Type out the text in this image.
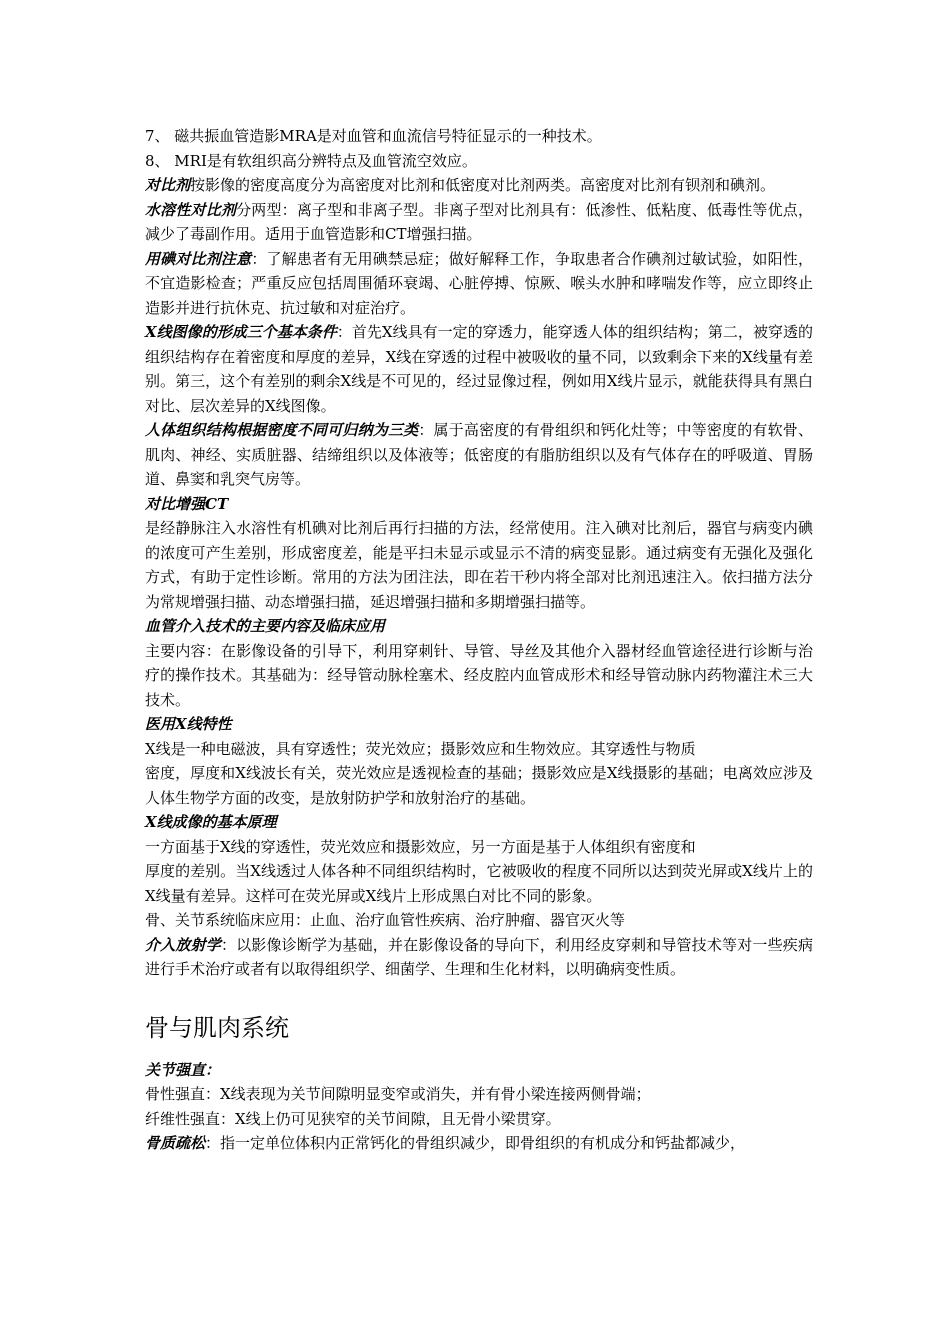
7、 磁共振血管造影MRA是对血管和血流信号特征显示的一种技术。

8、 MRI是有软组织高分辨特点及血管流空效应。

对比剂按影像的密度高度分为高密度对比剂和低密度对比剂两类。高密度对比剂有钡剂和碘剂。

水溶性对比剂分两型：离子型和非离子型。非离子型对比剂具有：低渗性、低粘度、低毒性等优点，减少了毒副作用。适用于血管造影和CT增强扫描。

用碘对比剂注意：了解患者有无用碘禁忌症；做好解释工作，争取患者合作碘剂过敏试验，如阳性，不宜造影检查；严重反应包括周围循环衰竭、心脏停搏、惊厥、喉头水肿和哮喘发作等，应立即终止造影并进行抗休克、抗过敏和对症治疗。

X线图像的形成三个基本条件：首先X线具有一定的穿透力，能穿透人体的组织结构；第二，被穿透的组织结构存在着密度和厚度的差异，X线在穿透的过程中被吸收的量不同，以致剩余下来的X线量有差别。第三，这个有差别的剩余X线是不可见的，经过显像过程，例如用X线片显示，就能获得具有黑白对比、层次差异的X线图像。

人体组织结构根据密度不同可归纳为三类：属于高密度的有骨组织和钙化灶等；中等密度的有软骨、肌肉、神经、实质脏器、结缔组织以及体液等；低密度的有脂肪组织以及有气体存在的呼吸道、胃肠道、鼻窦和乳突气房等。

对比增强CT

是经静脉注入水溶性有机碘对比剂后再行扫描的方法，经常使用。注入碘对比剂后，器官与病变内碘的浓度可产生差别，形成密度差，能是平扫未显示或显示不清的病变显影。通过病变有无强化及强化方式，有助于定性诊断。常用的方法为团注法，即在若干秒内将全部对比剂迅速注入。依扫描方法分为常规增强扫描、动态增强扫描，延迟增强扫描和多期增强扫描等。

血管介入技术的主要内容及临床应用

主要内容：在影像设备的引导下，利用穿刺针、导管、导丝及其他介入器材经血管途径进行诊断与治疗的操作技术。其基础为：经导管动脉栓塞术、经皮腔内血管成形术和经导管动脉内药物灌注术三大技术。

医用X线特性

X线是一种电磁波，具有穿透性；荧光效应；摄影效应和生物效应。其穿透性与物质

密度，厚度和X线波长有关，荧光效应是透视检查的基础；摄影效应是X线摄影的基础；电离效应涉及人体生物学方面的改变，是放射防护学和放射治疗的基础。

X线成像的基本原理

一方面基于X线的穿透性，荧光效应和摄影效应，另一方面是基于人体组织有密度和

厚度的差别。当X线透过人体各种不同组织结构时，它被吸收的程度不同所以达到荧光屏或X线片上的X线量有差异。这样可在荧光屏或X线片上形成黑白对比不同的影象。

骨、关节系统临床应用：止血、治疗血管性疾病、治疗肿瘤、器官灭火等

介入放射学：以影像诊断学为基础，并在影像设备的导向下，利用经皮穿刺和导管技术等对一些疾病进行手术治疗或者有以取得组织学、细菌学、生理和生化材料，以明确病变性质。

骨与肌肉系统

关节强直：

骨性强直：X线表现为关节间隙明显变窄或消失，并有骨小梁连接两侧骨端；

纤维性强直：X线上仍可见狭窄的关节间隙，且无骨小梁贯穿。

骨质疏松：指一定单位体积内正常钙化的骨组织减少，即骨组织的有机成分和钙盐都减少，
